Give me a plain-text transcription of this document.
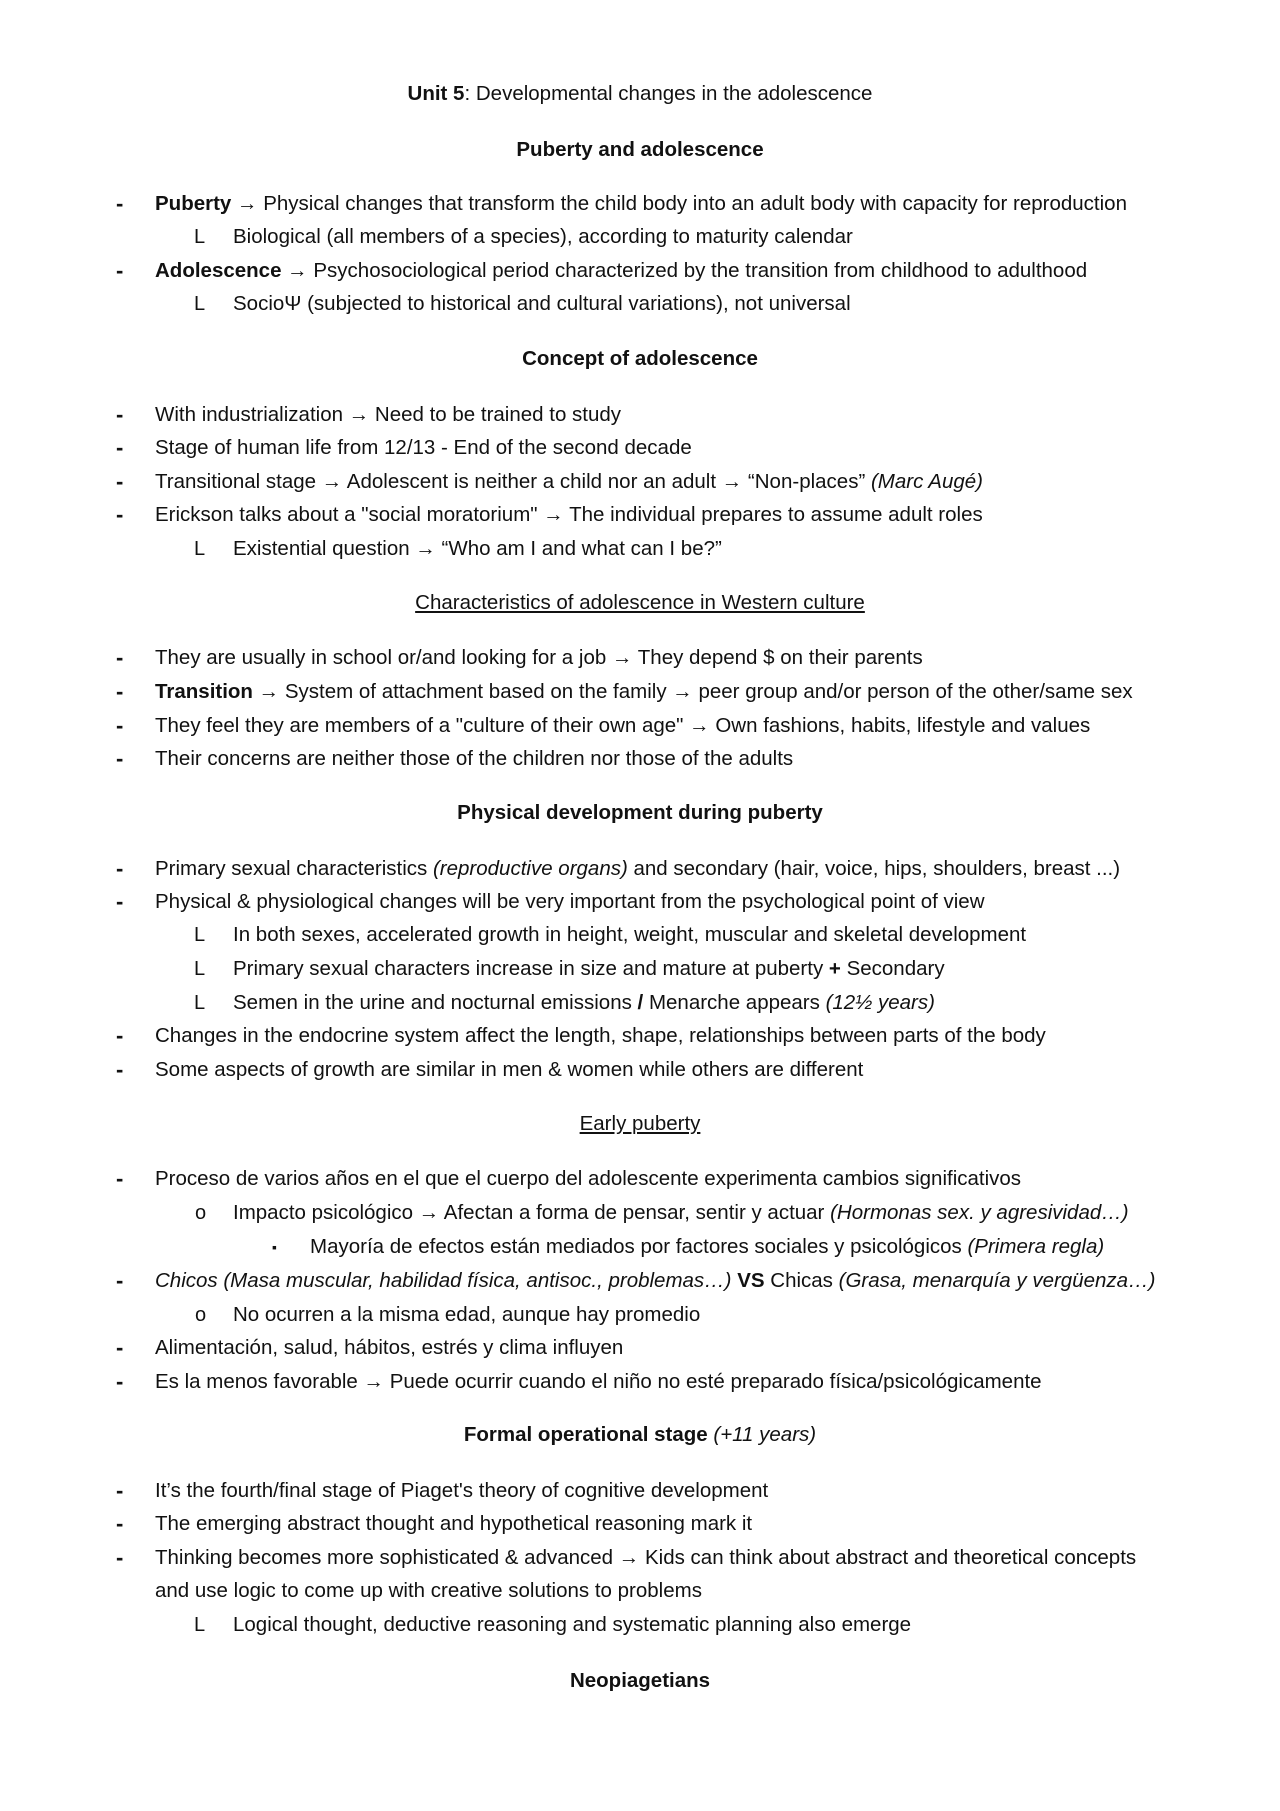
Unit 5: Developmental changes in the adolescence
Puberty and adolescence
- Puberty → Physical changes that transform the child body into an adult body with capacity for reproduction
L Biological (all members of a species), according to maturity calendar
- Adolescence → Psychosociological period characterized by the transition from childhood to adulthood
L SocioΨ (subjected to historical and cultural variations), not universal
Concept of adolescence
- With industrialization → Need to be trained to study
- Stage of human life from 12/13 - End of the second decade
- Transitional stage → Adolescent is neither a child nor an adult → “Non-places” (Marc Augé)
- Erickson talks about a "social moratorium" → The individual prepares to assume adult roles
L Existential question → “Who am I and what can I be?”
Characteristics of adolescence in Western culture
- They are usually in school or/and looking for a job → They depend $ on their parents
- Transition → System of attachment based on the family → peer group and/or person of the other/same sex
- They feel they are members of a "culture of their own age" → Own fashions, habits, lifestyle and values
- Their concerns are neither those of the children nor those of the adults
Physical development during puberty
- Primary sexual characteristics (reproductive organs) and secondary (hair, voice, hips, shoulders, breast ...)
- Physical & physiological changes will be very important from the psychological point of view
L In both sexes, accelerated growth in height, weight, muscular and skeletal development
L Primary sexual characters increase in size and mature at puberty + Secondary
L Semen in the urine and nocturnal emissions / Menarche appears (12½ years)
- Changes in the endocrine system affect the length, shape, relationships between parts of the body
- Some aspects of growth are similar in men & women while others are different
Early puberty
- Proceso de varios años en el que el cuerpo del adolescente experimenta cambios significativos
o Impacto psicológico → Afectan a forma de pensar, sentir y actuar (Hormonas sex. y agresividad…)
▪ Mayoría de efectos están mediados por factores sociales y psicológicos (Primera regla)
- Chicos (Masa muscular, habilidad física, antisoc., problemas…) VS Chicas (Grasa, menarquía y vergüenza…)
o No ocurren a la misma edad, aunque hay promedio
- Alimentación, salud, hábitos, estrés y clima influyen
- Es la menos favorable → Puede ocurrir cuando el niño no esté preparado física/psicológicamente
Formal operational stage (+11 years)
- It’s the fourth/final stage of Piaget's theory of cognitive development
- The emerging abstract thought and hypothetical reasoning mark it
- Thinking becomes more sophisticated & advanced → Kids can think about abstract and theoretical concepts
and use logic to come up with creative solutions to problems
L Logical thought, deductive reasoning and systematic planning also emerge
Neopiagetians
